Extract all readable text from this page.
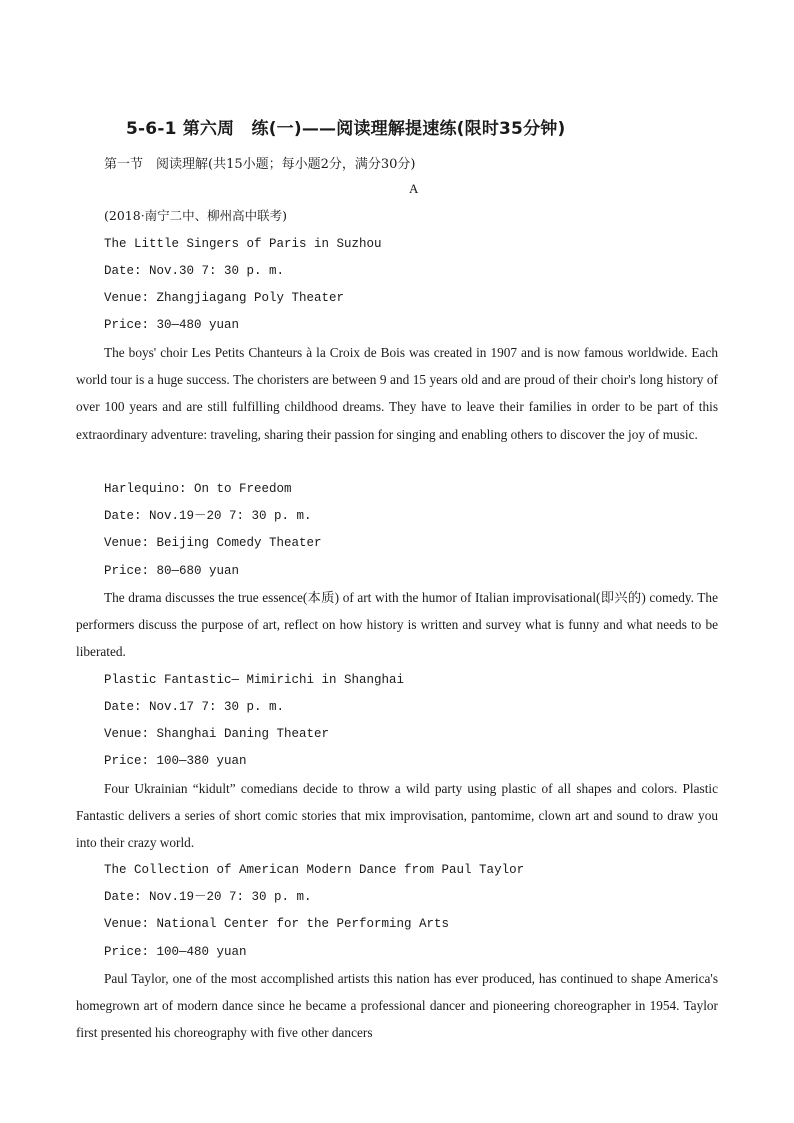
5-6-1 第六周　练(一)——阅读理解提速练(限时35分钟)
第一节　阅读理解(共15小题；每小题2分，满分30分)
A
(2018·南宁二中、柳州高中联考)
The Little Singers of Paris in Suzhou
Date: Nov.30 7: 30 p. m.
Venue: Zhangjiagang Poly Theater
Price: 30—480 yuan
The boys' choir Les Petits Chanteurs à la Croix de Bois was created in 1907 and is now famous worldwide. Each world tour is a huge success. The choristers are between 9 and 15 years old and are proud of their choir's long history of over 100 years and are still fulfilling childhood dreams. They have to leave their families in order to be part of this extraordinary adventure: traveling, sharing their passion for singing and enabling others to discover the joy of music.
Harlequino: On to Freedom
Date: Nov.19－20 7: 30 p. m.
Venue: Beijing Comedy Theater
Price: 80—680 yuan
The drama discusses the true essence(本质) of art with the humor of Italian improvisational(即兴的) comedy. The performers discuss the purpose of art, reflect on how history is written and survey what is funny and what needs to be liberated.
Plastic Fantastic— Mimirichi in Shanghai
Date: Nov.17 7: 30 p. m.
Venue: Shanghai Daning Theater
Price: 100—380 yuan
Four Ukrainian “kidult” comedians decide to throw a wild party using plastic of all shapes and colors. Plastic Fantastic delivers a series of short comic stories that mix improvisation, pantomime, clown art and sound to draw you into their crazy world.
The Collection of American Modern Dance from Paul Taylor
Date: Nov.19－20 7: 30 p. m.
Venue: National Center for the Performing Arts
Price: 100—480 yuan
Paul Taylor, one of the most accomplished artists this nation has ever produced, has continued to shape America's homegrown art of modern dance since he became a professional dancer and pioneering choreographer in 1954. Taylor first presented his choreography with five other dancers
